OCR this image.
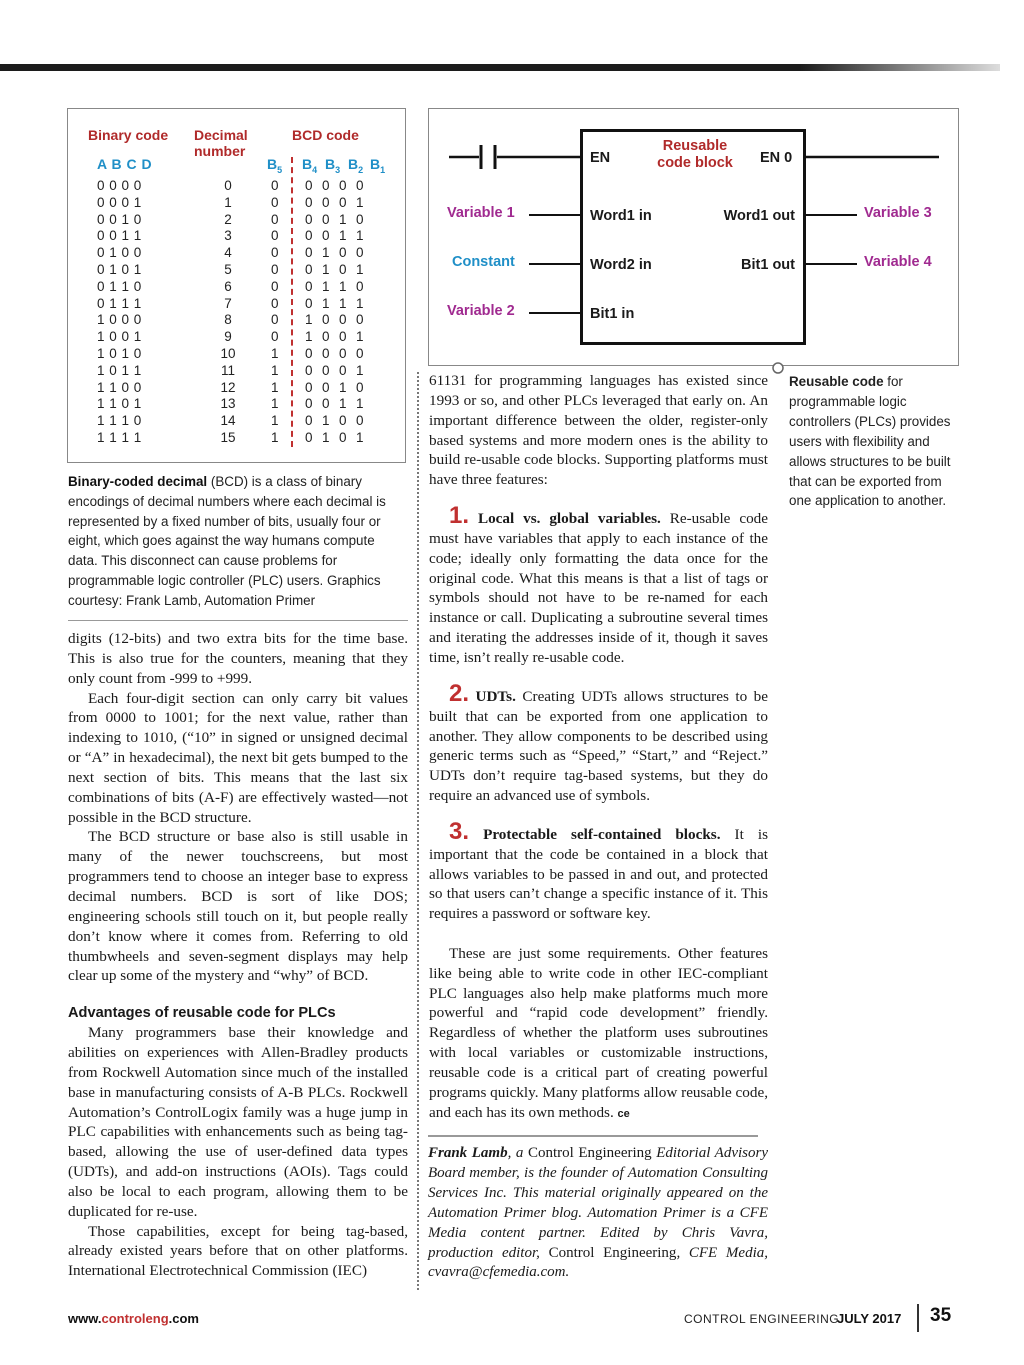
Binary code Decimal number
BCD code
A B C D	$B_5$ $B_4$ $B_3$ $B_2$ $B_1$
0 0 0 0	0	0 0  0  0  0
0 0 0 1	1	0 0  0  0  1
0 0 1 0	2	0 0  0  1  0
0 0 1 1	3	0 0  0  1  1
0 1 0 0	4	0 0  1  0  0
0 1 0 1	5	0 0  1  0  1
0 1 1 0	6	0 0  1  1  0
0 1 1 1	7	0 0  1  1  1
1 0 0 0	8	0 1  0  0  0
1 0 0 1	9	0 1  0  0  1
1 0 1 0	10	1 0  0  0  0
1 0 1 1	11	1 0  0  0  1
1 1 0 0	12	1 0  0  1  0
1 1 0 1	13	1 0  0  1  1
1 1 1 0	14	1 0  1  0  0
1 1 1 1	15	1 0  1  0  1
Binary-coded decimal (BCD) is a class of binary encodings of decimal numbers where each decimal is represented by a fixed number of bits, usually four or eight, which goes against the way humans compute data. This disconnect can cause problems for programmable logic controller (PLC) users. Graphics courtesy: Frank Lamb, Automation Primer

digits (12-bits) and two extra bits for the time base. This is also true for the counters, meaning that they only count from -999 to +999.

Each four-digit section can only carry bit values from 0000 to 1001; for the next value, rather than indexing to 1010, (“10” in signed or unsigned decimal or “A” in hexadecimal), the next bit gets bumped to the next section of bits. This means that the last six combinations of bits (A-F) are effectively wasted—not possible in the BCD structure.

The BCD structure or base also is still usable in many of the newer touchscreens, but most programmers tend to choose an integer base to express decimal numbers. BCD is sort of like DOS; engineering schools still touch on it, but people really don’t know where it comes from. Referring to old thumbwheels and seven-segment displays may help clear up some of the mystery and “why” of BCD.

Advantages of reusable code for PLCs

Many programmers base their knowledge and abilities on experiences with Allen-Bradley products from Rockwell Automation since much of the installed base in manufacturing consists of A-B PLCs. Rockwell Automation’s ControlLogix family was a huge jump in PLC capabilities with enhancements such as being tag-based, allowing the use of user-defined data types (UDTs), and add-on instructions (AOIs). Tags could also be local to each program, allowing them to be duplicated for re-use.

Those capabilities, except for being tag-based, already existed years before that on other platforms. International Electrotechnical Commission (IEC)

EN
Reusable code block	EN 0
Word1 in
Word2 in
Bit1 in
Word1 out
Bit1 out
Variable 1
Constant
Variable 2
Variable 3
Variable 4

61131 for programming languages has existed since 1993 or so, and other PLCs leveraged that early on. An important difference between the older, register-only based systems and more modern ones is the ability to build re-usable code blocks. Supporting platforms must have three features:

1. Local vs. global variables. Re-usable code must have variables that apply to each instance of the code; ideally only formatting the data once for the original code. What this means is that a list of tags or symbols should not have to be re-named for each instance or call. Duplicating a subroutine several times and iterating the addresses inside of it, though it saves time, isn’t really re-usable code.

2. UDTs. Creating UDTs allows structures to be built that can be exported from one application to another. They allow components to be described using generic terms such as “Speed,” “Start,” and “Reject.” UDTs don’t require tag-based systems, but they do require an advanced use of symbols.

3. Protectable self-contained blocks. It is important that the code be contained in a block that allows variables to be passed in and out, and protected so that users can’t change a specific instance of it. This requires a password or software key.

These are just some requirements. Other features like being able to write code in other IEC-compliant PLC languages also help make platforms much more powerful and “rapid code development” friendly. Regardless of whether the platform uses subroutines with local variables or customizable instructions, reusable code is a critical part of creating powerful programs quickly. Many platforms allow reusable code, and each has its own methods. ce

Reusable code for programmable logic controllers (PLCs) provides users with flexibility and allows structures to be built that can be exported from one application to another.
Frank Lamb, a Control Engineering Editorial Advisory Board member, is the founder of Automation Consulting Services Inc. This material originally appeared on the Automation Primer blog. Automation Primer is a CFE Media content partner. Edited by Chris Vavra, production editor, Control Engineering, CFE Media, cvavra@cfemedia.com.
www.controleng.com	CONTROL ENGINEERING
JULY 2017 35
